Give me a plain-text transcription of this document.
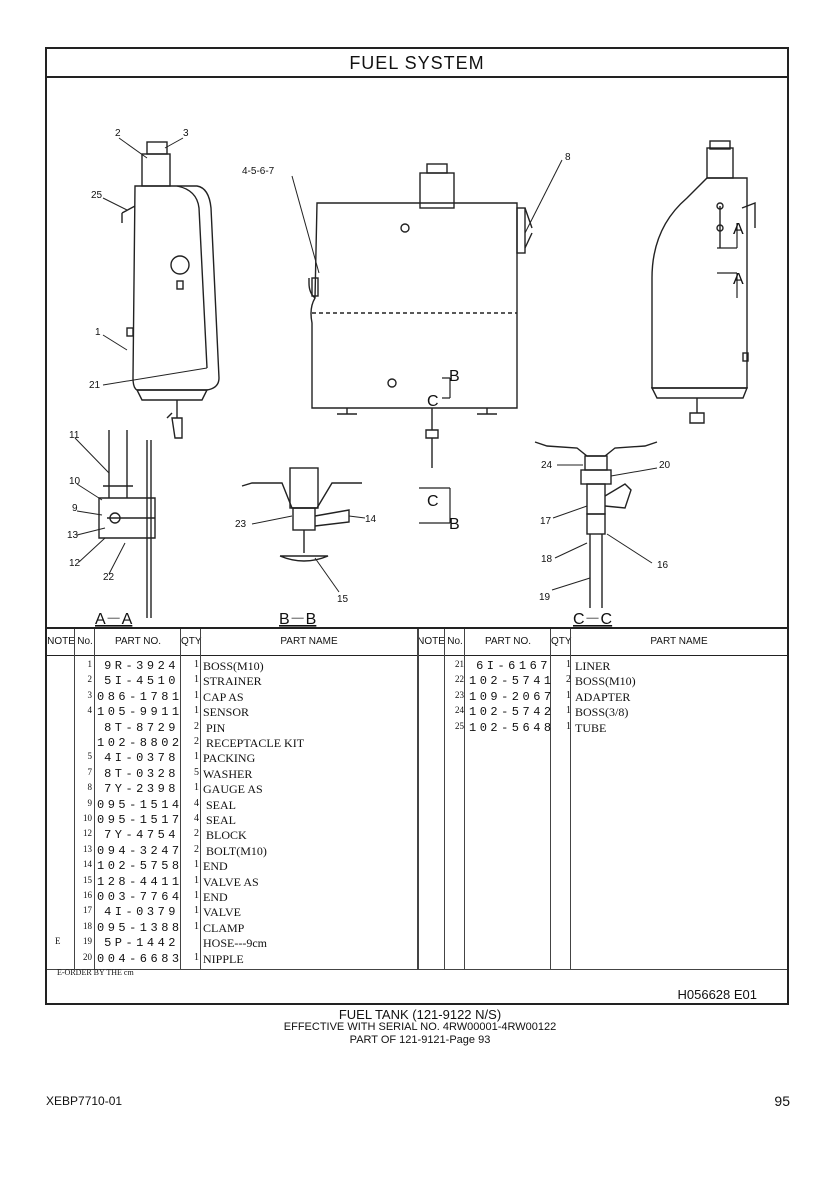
FUEL SYSTEM
2	3
25
1
21
4-5-6-7
8
11
10
9
13
12
22
23	14
15
24	20
17
18
16
19
A
A
B
B
C
C
A－A	B－B	C－C
NOTE No.	PART NO.	QTY	PART NAME	NOTE No.	PART NO.	QTY	PART NAME
1	9R-3924	1 BOSS(M10)
2	5I-4510	1 STRAINER
3 086-1781	1 CAP AS
4 105-9911	1 SENSOR
8T-8729	2 PIN
102-8802	2 RECEPTACLE KIT
5	4I-0378	1 PACKING
7	8T-0328	5 WASHER
8	7Y-2398	1 GAUGE AS
9 095-1514	4 SEAL
10 095-1517	4 SEAL
12	7Y-4754	2 BLOCK
13 094-3247	2 BOLT(M10)
14 102-5758	1 END
15 128-4411	1 VALVE AS
16 003-7764	1 END
17	4I-0379	1 VALVE
18 095-1388	1 CLAMP
E	19	5P-1442 HOSE---9cm
20 004-6683	1 NIPPLE
21	6I-6167	1 LINER
22 102-5741	2 BOSS(M10)
23 109-2067	1 ADAPTER
24 102-5742	1 BOSS(3/8)
25 102-5648	1 TUBE
E-ORDER BY THE cm
H056628 E01
FUEL TANK (121-9122 N/S)
EFFECTIVE WITH SERIAL NO. 4RW00001-4RW00122
PART OF 121-9121-Page 93
XEBP7710-01	95
